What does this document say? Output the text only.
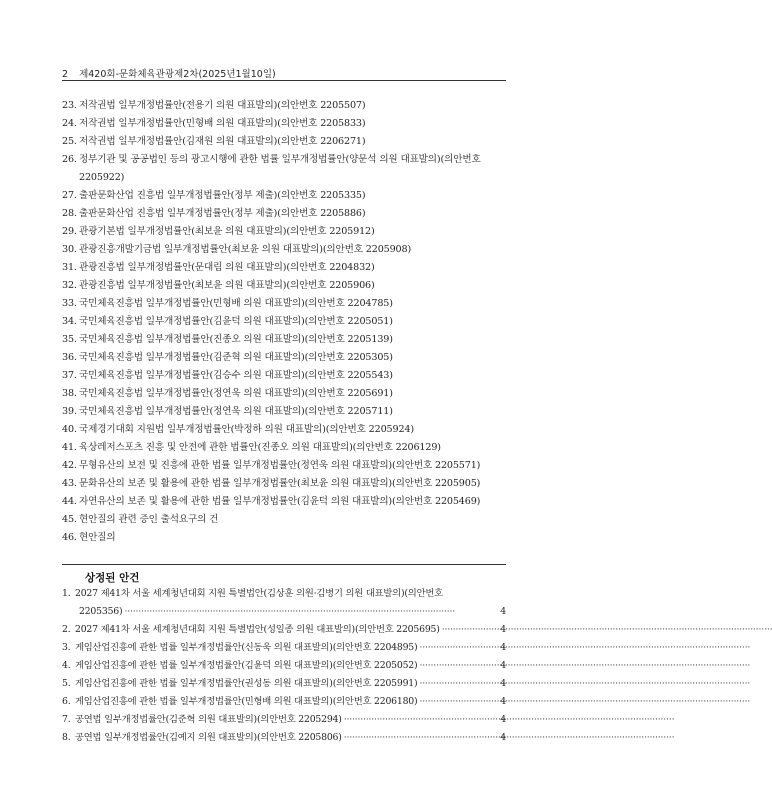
2 제420회-문화체육관광제2차(2025년1월10일)
23. 저작권법 일부개정법률안(전용기 의원 대표발의)(의안번호 2205507)
24. 저작권법 일부개정법률안(민형배 의원 대표발의)(의안번호 2205833)
25. 저작권법 일부개정법률안(김재원 의원 대표발의)(의안번호 2206271)
26. 정부기관 및 공공법인 등의 광고시행에 관한 법률 일부개정법률안(양문석 의원 대표발의)(의안번호 2205922)
27. 출판문화산업 진흥법 일부개정법률안(정부 제출)(의안번호 2205335)
28. 출판문화산업 진흥법 일부개정법률안(정부 제출)(의안번호 2205886)
29. 관광기본법 일부개정법률안(최보윤 의원 대표발의)(의안번호 2205912)
30. 관광진흥개발기금법 일부개정법률안(최보윤 의원 대표발의)(의안번호 2205908)
31. 관광진흥법 일부개정법률안(문대림 의원 대표발의)(의안번호 2204832)
32. 관광진흥법 일부개정법률안(최보윤 의원 대표발의)(의안번호 2205906)
33. 국민체육진흥법 일부개정법률안(민형배 의원 대표발의)(의안번호 2204785)
34. 국민체육진흥법 일부개정법률안(김윤덕 의원 대표발의)(의안번호 2205051)
35. 국민체육진흥법 일부개정법률안(진종오 의원 대표발의)(의안번호 2205139)
36. 국민체육진흥법 일부개정법률안(김준혁 의원 대표발의)(의안번호 2205305)
37. 국민체육진흥법 일부개정법률안(김승수 의원 대표발의)(의안번호 2205543)
38. 국민체육진흥법 일부개정법률안(정연욱 의원 대표발의)(의안번호 2205691)
39. 국민체육진흥법 일부개정법률안(정연욱 의원 대표발의)(의안번호 2205711)
40. 국제경기대회 지원법 일부개정법률안(박정하 의원 대표발의)(의안번호 2205924)
41. 육상레저스포츠 진흥 및 안전에 관한 법률안(진종오 의원 대표발의)(의안번호 2206129)
42. 무형유산의 보전 및 진흥에 관한 법률 일부개정법률안(정연욱 의원 대표발의)(의안번호 2205571)
43. 문화유산의 보존 및 활용에 관한 법률 일부개정법률안(최보윤 의원 대표발의)(의안번호 2205905)
44. 자연유산의 보존 및 활용에 관한 법률 일부개정법률안(김윤덕 의원 대표발의)(의안번호 2205469)
45. 현안질의 관련 증인 출석요구의 건
46. 현안질의
상정된 안건
1. 2027 제41차 서울 세계청년대회 지원 특별법안(김상훈 의원·김병기 의원 대표발의)(의안번호
2205356) ·····	4
2. 2027 제41차 서울 세계청년대회 지원 특별법안(성일종 의원 대표발의)(의안번호 2205695) ·····	4
3. 게임산업진흥에 관한 법률 일부개정법률안(신동욱 의원 대표발의)(의안번호 2204895) ·····	4
4. 게임산업진흥에 관한 법률 일부개정법률안(김윤덕 의원 대표발의)(의안번호 2205052) ·····	4
5. 게임산업진흥에 관한 법률 일부개정법률안(권성동 의원 대표발의)(의안번호 2205991) ·····	4
6. 게임산업진흥에 관한 법률 일부개정법률안(민형배 의원 대표발의)(의안번호 2206180) ·····	4
7. 공연법 일부개정법률안(김준혁 의원 대표발의)(의안번호 2205294) ·····	4
8. 공연법 일부개정법률안(김예지 의원 대표발의)(의안번호 2205806) ·····	4
